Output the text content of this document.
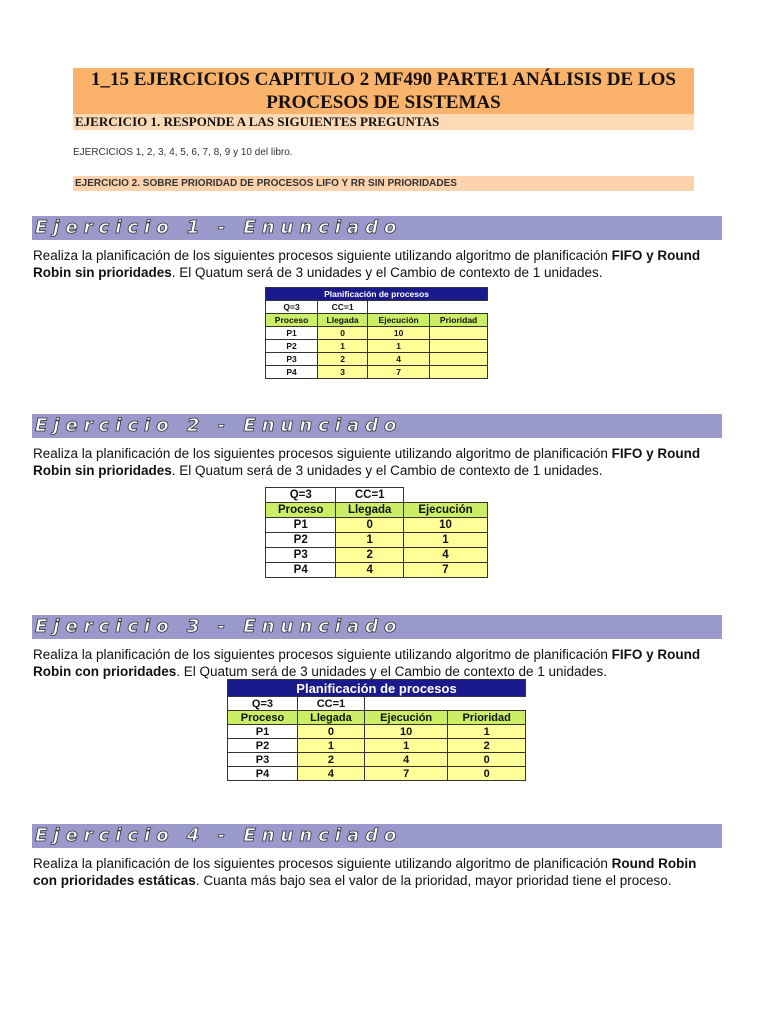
1_15 EJERCICIOS CAPITULO 2 MF490 PARTE1 ANÁLISIS DE LOS PROCESOS DE SISTEMAS
EJERCICIO 1. RESPONDE A LAS SIGUIENTES PREGUNTAS
EJERCICIOS 1, 2, 3, 4, 5, 6, 7, 8, 9 y 10 del libro.
EJERCICIO 2. SOBRE PRIORIDAD DE PROCESOS LIFO Y RR SIN PRIORIDADES
Ejercicio 1 - Enunciado
Realiza la planificación de los siguientes procesos siguiente utilizando algoritmo de planificación FIFO y Round Robin sin prioridades. El Quatum será de 3 unidades y el Cambio de contexto de 1 unidades.
Planificación de procesos			
Q=3	CC=1		
Proceso	Llegada	Ejecución	Prioridad
P1	0	10	
P2	1	1	
P3	2	4	
P4	3	7	
Ejercicio 2 - Enunciado
Realiza la planificación de los siguientes procesos siguiente utilizando algoritmo de planificación FIFO y Round Robin sin prioridades. El Quatum será de 3 unidades y el Cambio de contexto de 1 unidades.
Q=3	CC=1	
Proceso	Llegada	Ejecución
P1	0	10
P2	1	1
P3	2	4
P4	4	7
Ejercicio 3 - Enunciado
Realiza la planificación de los siguientes procesos siguiente utilizando algoritmo de planificación FIFO y Round Robin con prioridades. El Quatum será de 3 unidades y el Cambio de contexto de 1 unidades.
Planificación de procesos			
Q=3	CC=1		
Proceso	Llegada	Ejecución	Prioridad
P1	0	10	1
P2	1	1	2
P3	2	4	0
P4	4	7	0
Ejercicio 4 - Enunciado
Realiza la planificación de los siguientes procesos siguiente utilizando algoritmo de planificación Round Robin con prioridades estáticas. Cuanta más bajo sea el valor de la prioridad, mayor prioridad tiene el proceso.
